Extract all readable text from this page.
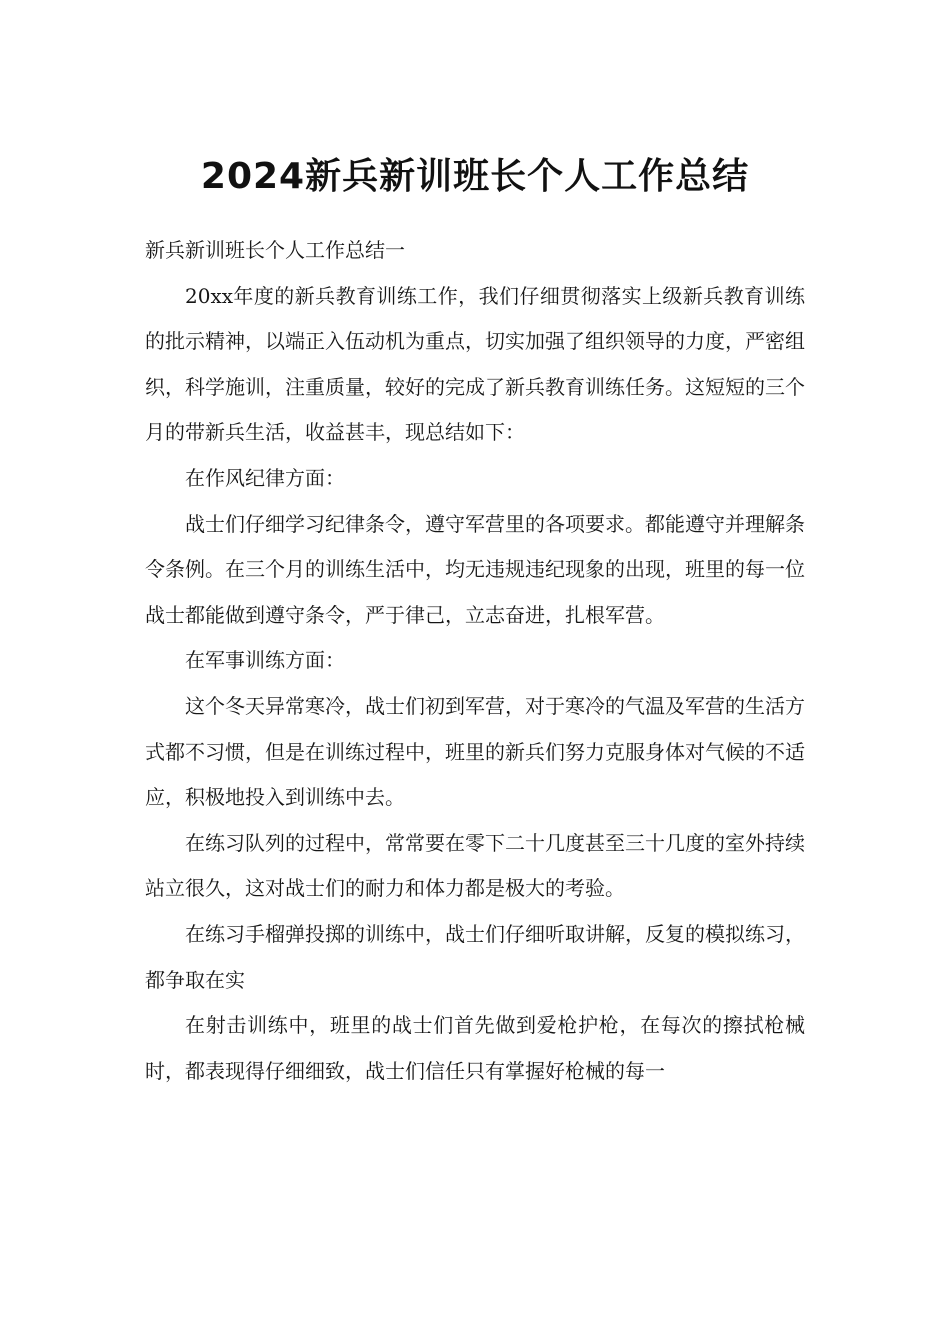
2024新兵新训班长个人工作总结

新兵新训班长个人工作总结一

20xx年度的新兵教育训练工作，我们仔细贯彻落实上级新兵教育训练的批示精神，以端正入伍动机为重点，切实加强了组织领导的力度，严密组织，科学施训，注重质量，较好的完成了新兵教育训练任务。这短短的三个月的带新兵生活，收益甚丰，现总结如下：

在作风纪律方面：

战士们仔细学习纪律条令，遵守军营里的各项要求。都能遵守并理解条令条例。在三个月的训练生活中，均无违规违纪现象的出现，班里的每一位战士都能做到遵守条令，严于律己，立志奋进，扎根军营。

在军事训练方面：

这个冬天异常寒冷，战士们初到军营，对于寒冷的气温及军营的生活方式都不习惯，但是在训练过程中，班里的新兵们努力克服身体对气候的不适应，积极地投入到训练中去。

在练习队列的过程中，常常要在零下二十几度甚至三十几度的室外持续站立很久，这对战士们的耐力和体力都是极大的考验。

在练习手榴弹投掷的训练中，战士们仔细听取讲解，反复的模拟练习，都争取在实

在射击训练中，班里的战士们首先做到爱枪护枪，在每次的擦拭枪械时，都表现得仔细细致，战士们信任只有掌握好枪械的每一
